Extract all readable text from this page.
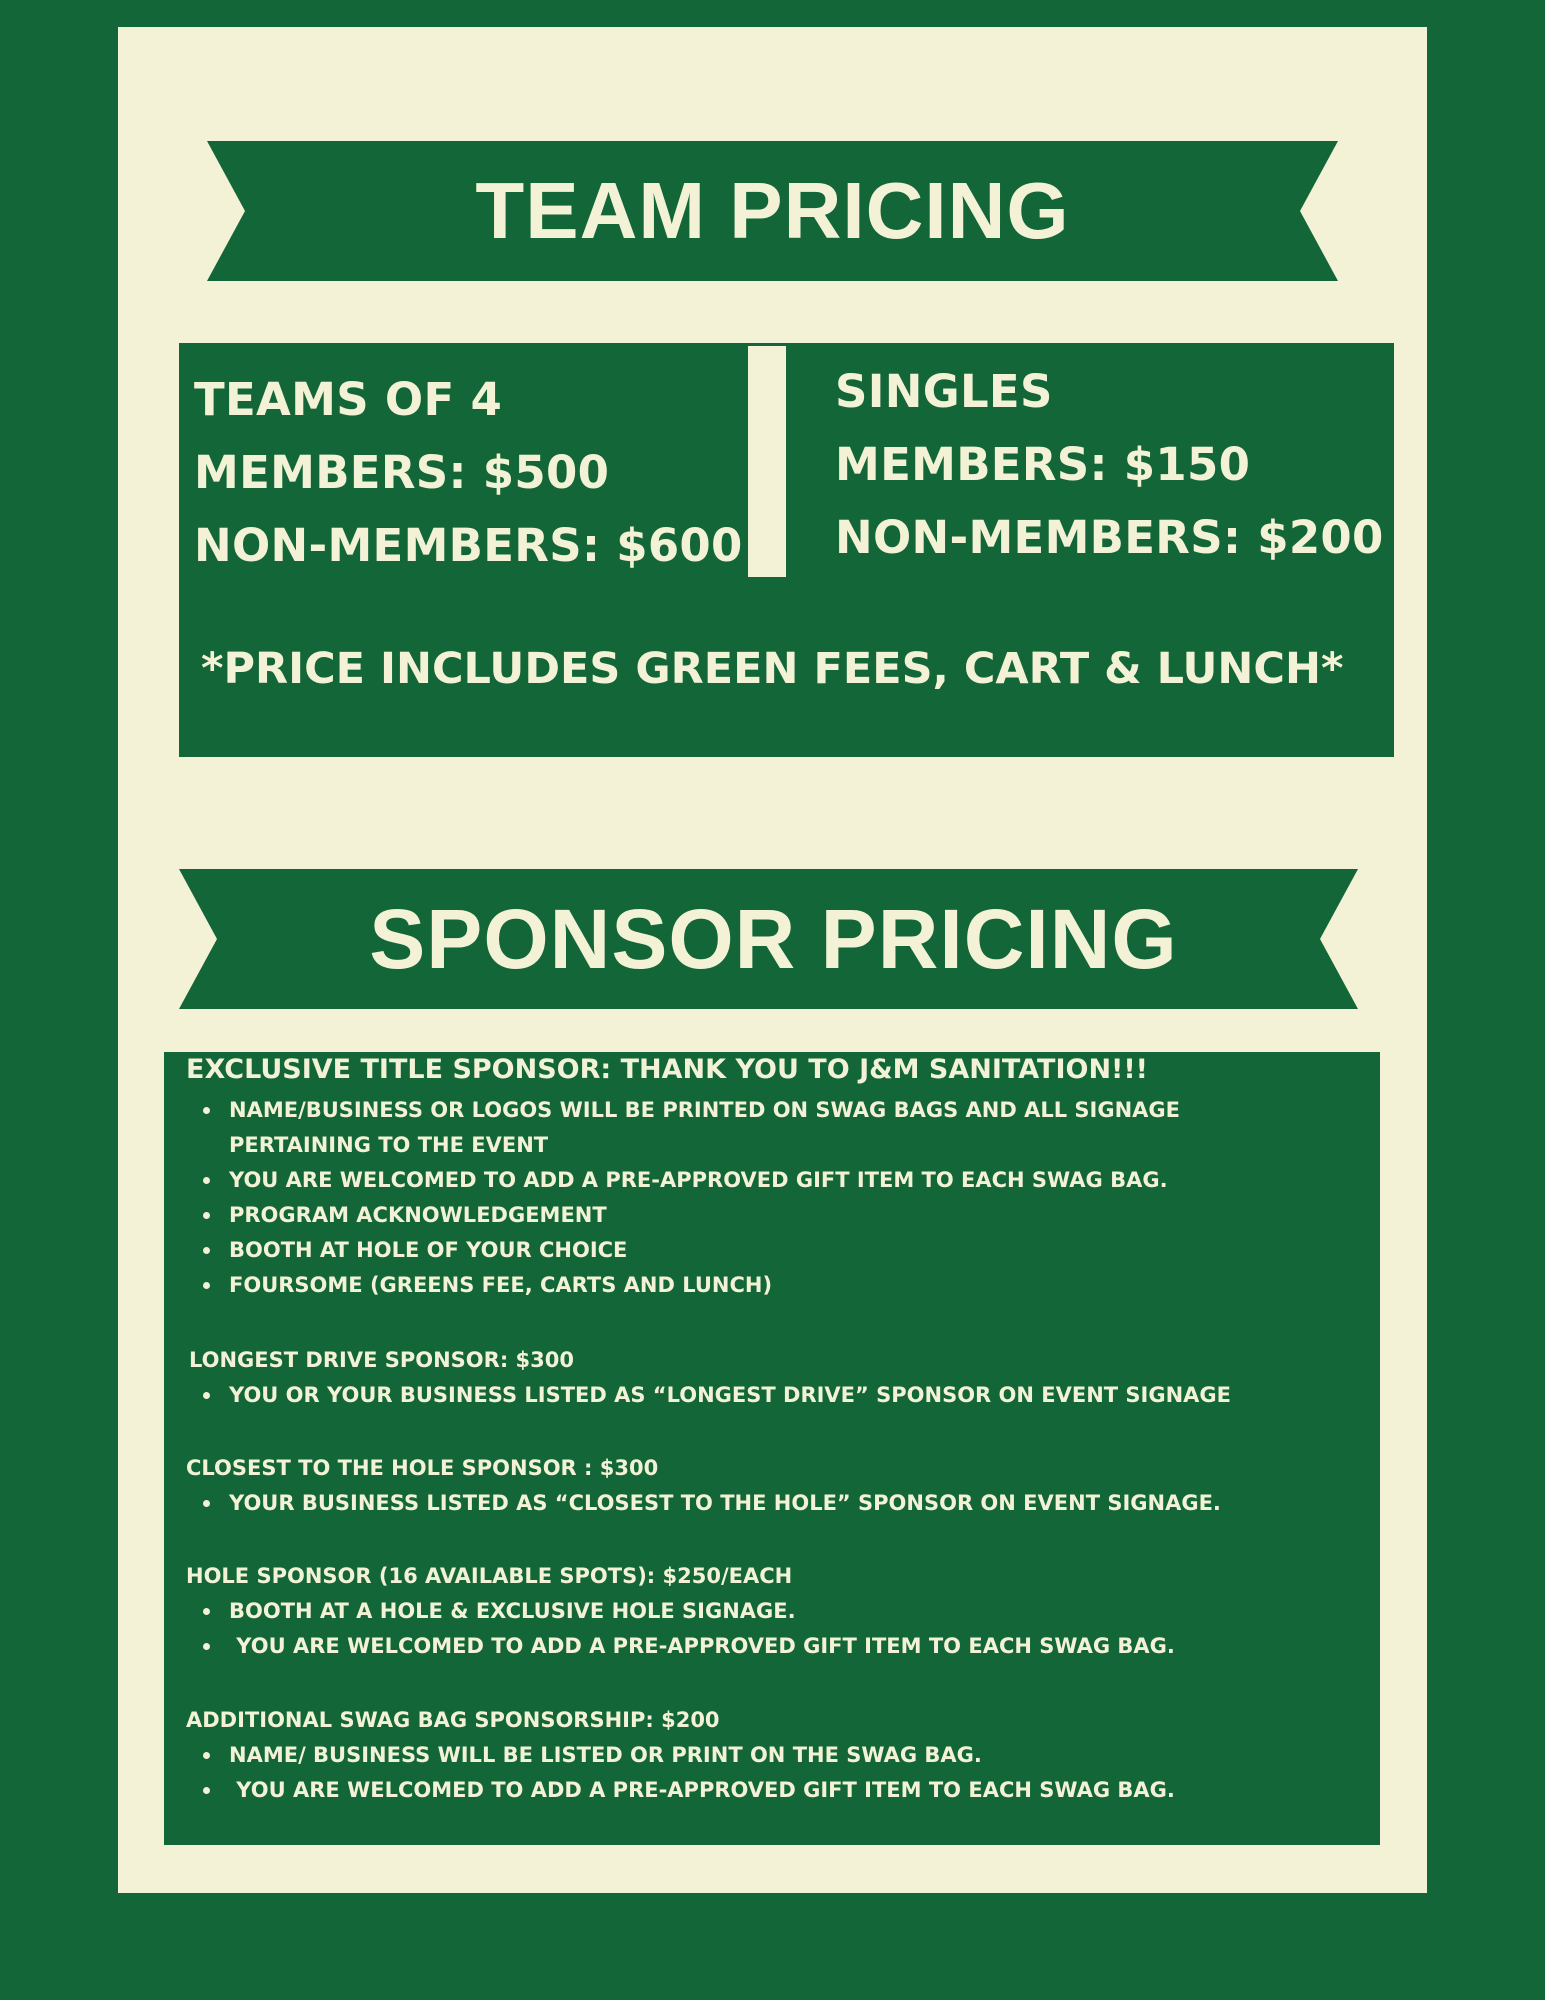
TEAM PRICING

TEAMS OF 4

MEMBERS: $500

NON-MEMBERS: $600

SINGLES

MEMBERS: $150

NON-MEMBERS: $200

*PRICE INCLUDES GREEN FEES, CART & LUNCH*

SPONSOR PRICING

EXCLUSIVE TITLE SPONSOR: THANK YOU TO J&M SANITATION!!!

NAME/BUSINESS OR LOGOS WILL BE PRINTED ON SWAG BAGS AND ALL SIGNAGE
PERTAINING TO THE EVENT
YOU ARE WELCOMED TO ADD A PRE-APPROVED GIFT ITEM TO EACH SWAG BAG.
PROGRAM ACKNOWLEDGEMENT
BOOTH AT HOLE OF YOUR CHOICE
FOURSOME (GREENS FEE, CARTS AND LUNCH)

LONGEST DRIVE SPONSOR: $300

YOU OR YOUR BUSINESS LISTED AS “LONGEST DRIVE” SPONSOR ON EVENT SIGNAGE

CLOSEST TO THE HOLE SPONSOR : $300

YOUR BUSINESS LISTED AS “CLOSEST TO THE HOLE” SPONSOR ON EVENT SIGNAGE.

HOLE SPONSOR (16 AVAILABLE SPOTS): $250/EACH

BOOTH AT A HOLE & EXCLUSIVE HOLE SIGNAGE.
YOU ARE WELCOMED TO ADD A PRE-APPROVED GIFT ITEM TO EACH SWAG BAG.

ADDITIONAL SWAG BAG SPONSORSHIP: $200

NAME/ BUSINESS WILL BE LISTED OR PRINT ON THE SWAG BAG.
YOU ARE WELCOMED TO ADD A PRE-APPROVED GIFT ITEM TO EACH SWAG BAG.
